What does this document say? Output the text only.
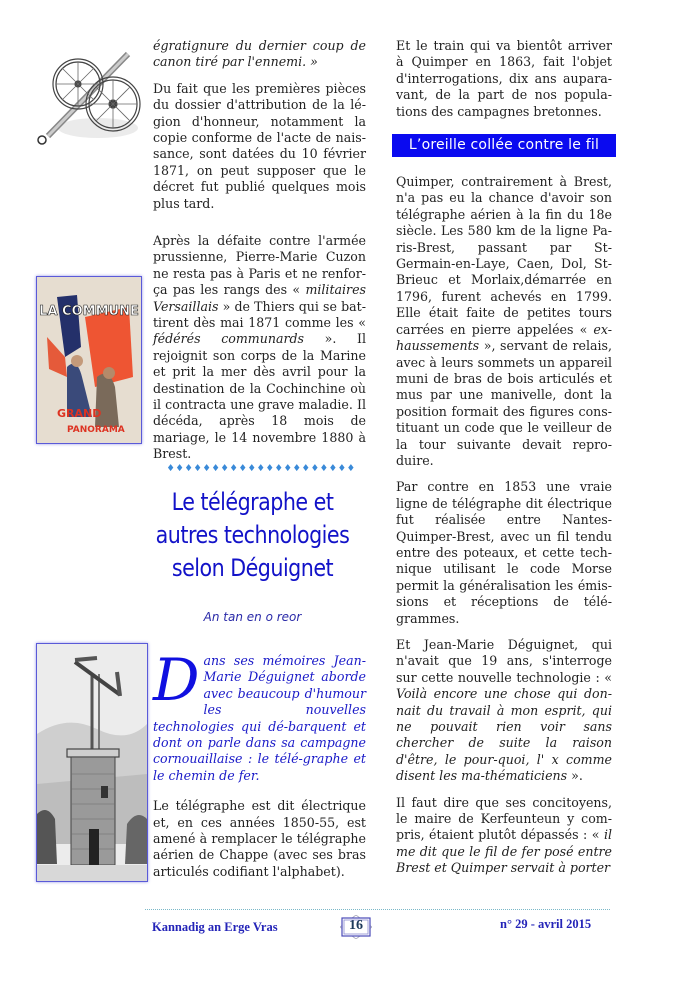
égratignure du dernier coup de canon tiré par l'ennemi. »

Du fait que les premières pièces du dossier d'attribution de la lé-gion d'honneur, notamment la copie conforme de l'acte de nais-sance, sont datées du 10 février 1871, on peut supposer que le décret fut publié quelques mois plus tard.

LA COMMUNE
GRAND
PANORAMA

Après la défaite contre l'armée prussienne, Pierre-Marie Cuzon ne resta pas à Paris et ne renfor-ça pas les rangs des « militaires Versaillais » de Thiers qui se bat-tirent dès mai 1871 comme les « fédérés communards ». Il rejoignit son corps de la Marine et prit la mer dès avril pour la destination de la Cochinchine où il contracta une grave maladie. Il décéda, après 18 mois de mariage, le 14 novembre 1880 à Brest.

♦♦♦♦♦♦♦♦♦♦♦♦♦♦♦♦♦♦♦♦♦
Le télégraphe et
autres technologies
selon Déguignet
An tan en o reor

Dans ses mémoires Jean-Marie Déguignet aborde avec beaucoup d'humour les nouvelles technologies qui dé-barquent et dont on parle dans sa campagne cornouaillaise : le télé-graphe et le chemin de fer.

Le télégraphe est dit électrique et, en ces années 1850-55, est amené à remplacer le télégraphe aérien de Chappe (avec ses bras articulés codifiant l'alphabet).

Et le train qui va bientôt arriver à Quimper en 1863, fait l'objet d'interrogations, dix ans aupara-vant, de la part de nos popula-tions des campagnes bretonnes.

L’oreille collée contre le fil

Quimper, contrairement à Brest, n'a pas eu la chance d'avoir son télégraphe aérien à la fin du 18e siècle. Les 580 km de la ligne Pa-ris-Brest, passant par St-Germain-en-Laye, Caen, Dol, St-Brieuc et Morlaix,démarrée en 1796, furent achevés en 1799. Elle était faite de petites tours carrées en pierre appelées « ex-haussements », servant de relais, avec à leurs sommets un appareil muni de bras de bois articulés et mus par une manivelle, dont la position formait des figures cons-tituant un code que le veilleur de la tour suivante devait repro-duire.

Par contre en 1853 une vraie ligne de télégraphe dit électrique fut réalisée entre Nantes-Quimper-Brest, avec un fil tendu entre des poteaux, et cette tech-nique utilisant le code Morse permit la généralisation les émis-sions et réceptions de télé-grammes.

Et Jean-Marie Déguignet, qui n'avait que 19 ans, s'interroge sur cette nouvelle technologie : « Voilà encore une chose qui don-nait du travail à mon esprit, qui ne pouvait rien voir sans chercher de suite la raison d'être, le pour-quoi, l' x comme disent les ma-thématiciens ».

Il faut dire que ses concitoyens, le maire de Kerfeunteun y com-pris, étaient plutôt dépassés : « il me dit que le fil de fer posé entre Brest et Quimper servait à porter

Kannadig an Erge Vras	16	n° 29 - avril 2015
